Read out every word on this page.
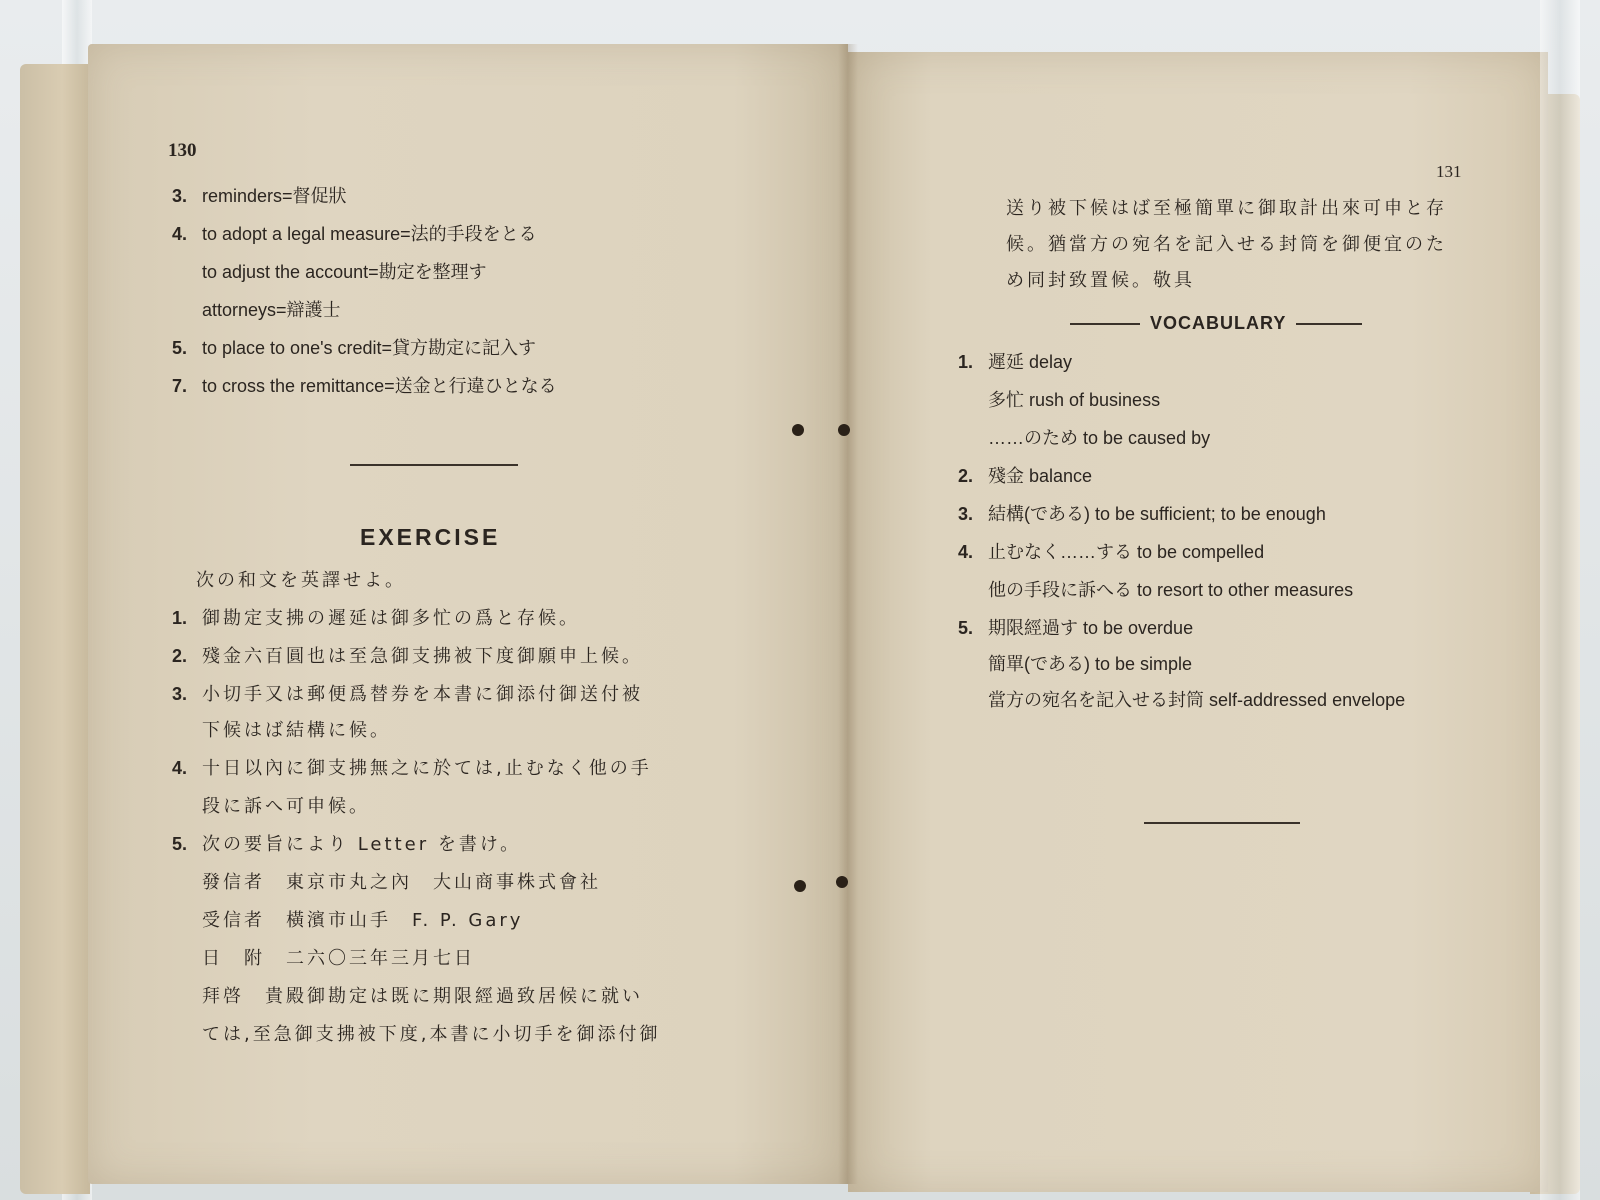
130
3. reminders=督促狀
4. to adopt a legal measure=法的手段をとる
to adjust the account=勘定を整理す
attorneys=辯護士
5. to place to one's credit=貸方勘定に記入す
7. to cross the remittance=送金と行違ひとなる
EXERCISE
次の和文を英譯せよ。
1. 御勘定支拂の遲延は御多忙の爲と存候。
2. 殘金六百圓也は至急御支拂被下度御願申上候。
3. 小切手又は郵便爲替券を本書に御添付御送付被
下候はば結構に候。
4. 十日以內に御支拂無之に於ては,止むなく他の手
段に訴へ可申候。
5. 次の要旨により Letter を書け。
發信者　東京市丸之內　大山商事株式會社
受信者　橫濱市山手　F. P. Gary
日　附　二六〇三年三月七日
拜啓　貴殿御勘定は既に期限經過致居候に就い
ては,至急御支拂被下度,本書に小切手を御添付御
131
送り被下候はば至極簡單に御取計出來可申と存
候。猶當方の宛名を記入せる封筒を御便宜のた
め同封致置候。敬具
VOCABULARY
1. 遲延 delay
多忙 rush of business
……のため to be caused by
2. 殘金 balance
3. 結構(である) to be sufficient; to be enough
4. 止むなく……する to be compelled
他の手段に訴へる to resort to other measures
5. 期限經過す to be overdue
簡單(である) to be simple
當方の宛名を記入せる封筒 self-addressed envelope
